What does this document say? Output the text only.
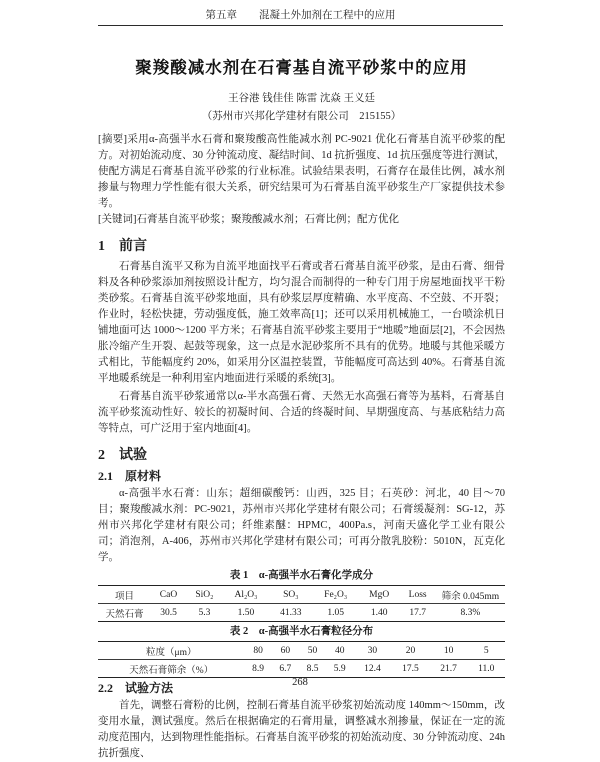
第五章 混凝土外加剂在工程中的应用
聚羧酸减水剂在石膏基自流平砂浆中的应用
王谷港 钱佳佳 陈雷 沈焱 王义廷
（苏州市兴邦化学建材有限公司　215155）

[摘要]采用α-高强半水石膏和聚羧酸高性能减水剂 PC-9021 优化石膏基自流平砂浆的配方。对初始流动度、30 分钟流动度、凝结时间、1d 抗折强度、1d 抗压强度等进行测试，使配方满足石膏基自流平砂浆的行业标准。试验结果表明，石膏存在最佳比例，减水剂掺量与物理力学性能有很大关系，研究结果可为石膏基自流平砂浆生产厂家提供技术参考。

[关键词]石膏基自流平砂浆；聚羧酸减水剂；石膏比例；配方优化

1　前言

石膏基自流平又称为自流平地面找平石膏或者石膏基自流平砂浆，是由石膏、细骨料及各种砂浆添加剂按照设计配方，均匀混合而制得的一种专门用于房屋地面找平干粉类砂浆。石膏基自流平砂浆地面，具有砂浆层厚度精确、水平度高、不空鼓、不开裂；作业时，轻松快捷，劳动强度低，施工效率高[1]；还可以采用机械施工，一台喷涂机日铺地面可达 1000～1200 平方米；石膏基自流平砂浆主要用于“地暖”地面层[2]，不会因热胀冷缩产生开裂、起鼓等现象，这一点是水泥砂浆所不具有的优势。地暖与其他采暖方式相比，节能幅度约 20%，如采用分区温控装置，节能幅度可高达到 40%。石膏基自流平地暖系统是一种利用室内地面进行采暖的系统[3]。

石膏基自流平砂浆通常以α-半水高强石膏、天然无水高强石膏等为基料，石膏基自流平砂浆流动性好、较长的初凝时间、合适的终凝时间、早期强度高、与基底粘结力高等特点，可广泛用于室内地面[4]。

2　试验
2.1　原材料

α-高强半水石膏：山东；超细碳酸钙：山西，325 目；石英砂：河北，40 目～70 目；聚羧酸减水剂：PC-9021，苏州市兴邦化学建材有限公司；石膏缓凝剂：SG-12，苏州市兴邦化学建材有限公司；纤维素醚：HPMC，400Pa.s，河南天盛化学工业有限公司；消泡剂，A-406，苏州市兴邦化学建材有限公司；可再分散乳胶粉：5010N，瓦克化学。

表 1　α-高强半水石膏化学成分
项目	CaO	SiO₂	Al₂O₃	SO₃	Fe₂O₃	MgO	Loss	筛余 0.045mm
天然石膏	30.5	5.3	1.50	41.33	1.05	1.40	17.7	8.3%
表 2　α-高强半水石膏粒径分布
粒度（μm）	80	60	50	40	30	20	10	5
天然石膏筛余（%）	8.9	6.7	8.5	5.9	12.4	17.5	21.7	11.0
2.2　试验方法

首先，调整石膏粉的比例，控制石膏基自流平砂浆初始流动度 140mm～150mm，改变用水量，测试强度。然后在根据确定的石膏用量，调整减水剂掺量，保证在一定的流动度范围内，达到物理性能指标。石膏基自流平砂浆的初始流动度、30 分钟流动度、24h 抗折强度、

268
